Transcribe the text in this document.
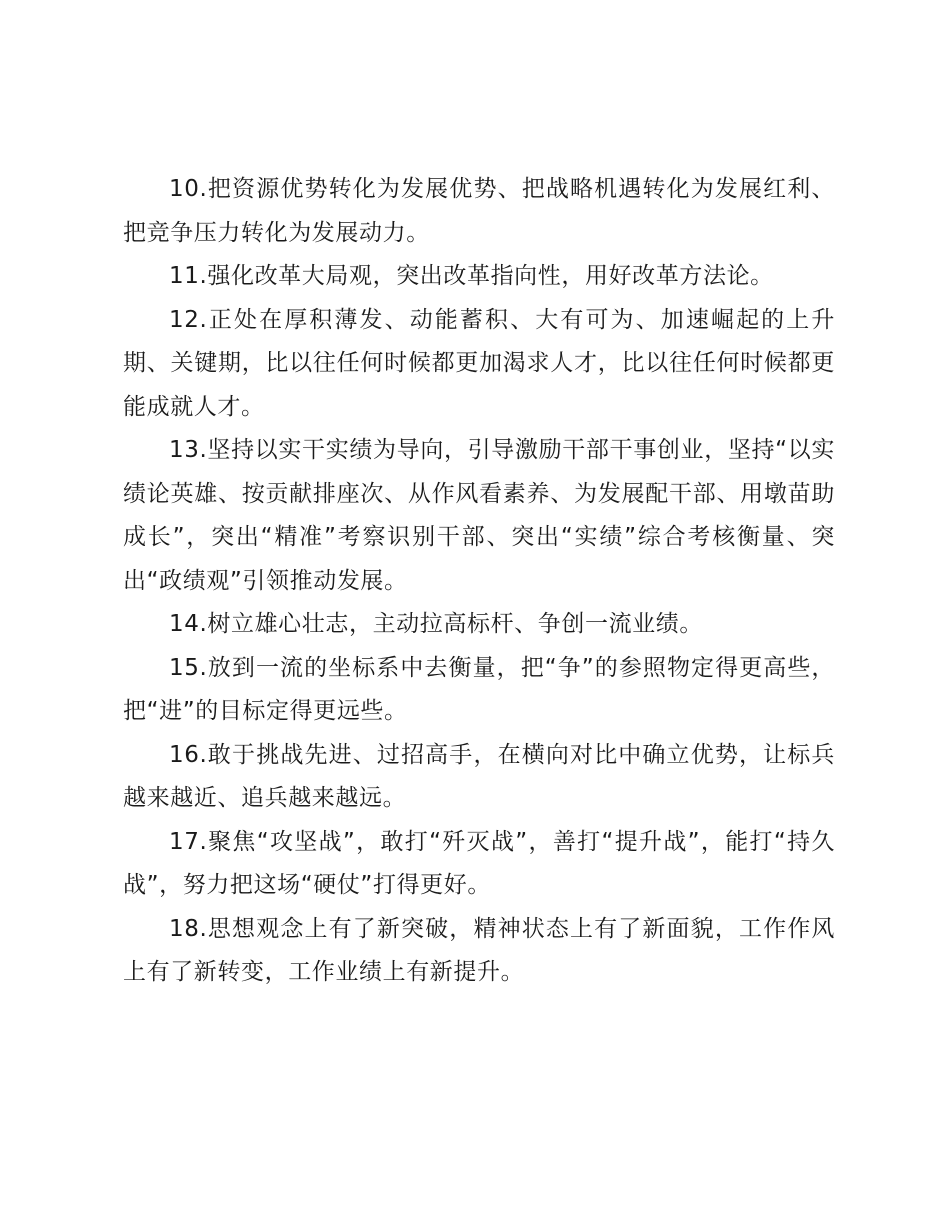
10.把资源优势转化为发展优势、把战略机遇转化为发展红利、把竞争压力转化为发展动力。

11.强化改革大局观，突出改革指向性，用好改革方法论。

12.正处在厚积薄发、动能蓄积、大有可为、加速崛起的上升期、关键期，比以往任何时候都更加渴求人才，比以往任何时候都更能成就人才。

13.坚持以实干实绩为导向，引导激励干部干事创业，坚持“以实绩论英雄、按贡献排座次、从作风看素养、为发展配干部、用墩苗助成长”，突出“精准”考察识别干部、突出“实绩”综合考核衡量、突出“政绩观”引领推动发展。

14.树立雄心壮志，主动拉高标杆、争创一流业绩。

15.放到一流的坐标系中去衡量，把“争”的参照物定得更高些，把“进”的目标定得更远些。

16.敢于挑战先进、过招高手，在横向对比中确立优势，让标兵越来越近、追兵越来越远。

17.聚焦“攻坚战”，敢打“歼灭战”，善打“提升战”，能打“持久战”，努力把这场“硬仗”打得更好。

18.思想观念上有了新突破，精神状态上有了新面貌，工作作风上有了新转变，工作业绩上有新提升。
